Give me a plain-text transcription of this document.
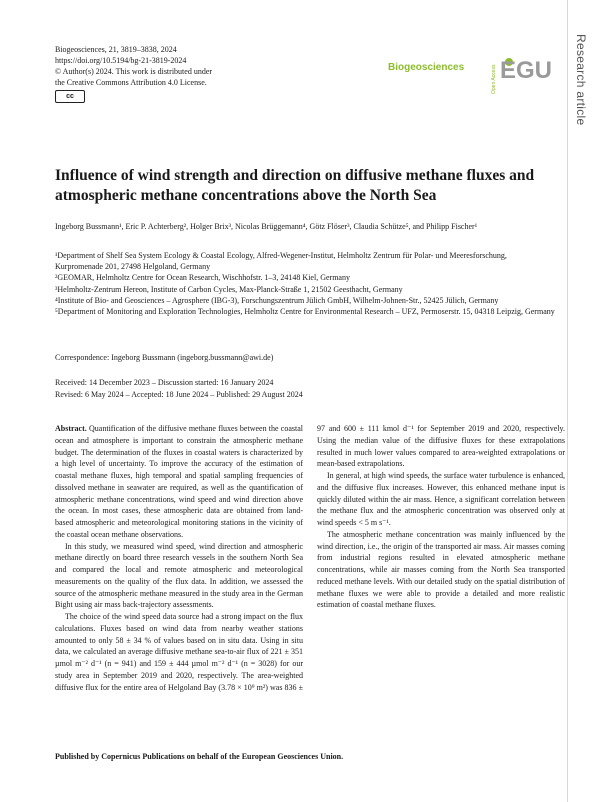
Biogeosciences, 21, 3819–3838, 2024
https://doi.org/10.5194/bg-21-3819-2024
© Author(s) 2024. This work is distributed under
the Creative Commons Attribution 4.0 License.
cc
Biogeosciences	Open Access EGU Research article
Influence of wind strength and direction on diffusive methane fluxes and atmospheric methane concentrations above the North Sea
Ingeborg Bussmann¹, Eric P. Achterberg², Holger Brix³, Nicolas Brüggemann⁴, Götz Flöser³, Claudia Schütze⁵, and Philipp Fischer¹

¹Department of Shelf Sea System Ecology & Coastal Ecology, Alfred-Wegener-Institut, Helmholtz Zentrum für Polar- und Meeresforschung, Kurpromenade 201, 27498 Helgoland, Germany

²GEOMAR, Helmholtz Centre for Ocean Research, Wischhofstr. 1–3, 24148 Kiel, Germany

³Helmholtz-Zentrum Hereon, Institute of Carbon Cycles, Max-Planck-Straße 1, 21502 Geesthacht, Germany

⁴Institute of Bio- and Geosciences – Agrosphere (IBG-3), Forschungszentrum Jülich GmbH, Wilhelm-Johnen-Str., 52425 Jülich, Germany

⁵Department of Monitoring and Exploration Technologies, Helmholtz Centre for Environmental Research – UFZ, Permoserstr. 15, 04318 Leipzig, Germany

Correspondence: Ingeborg Bussmann (ingeborg.bussmann@awi.de)
Received: 14 December 2023 – Discussion started: 16 January 2024
Revised: 6 May 2024 – Accepted: 18 June 2024 – Published: 29 August 2024

Abstract. Quantification of the diffusive methane fluxes between the coastal ocean and atmosphere is important to constrain the atmospheric methane budget. The determination of the fluxes in coastal waters is characterized by a high level of uncertainty. To improve the accuracy of the estimation of coastal methane fluxes, high temporal and spatial sampling frequencies of dissolved methane in seawater are required, as well as the quantification of atmospheric methane concentrations, wind speed and wind direction above the ocean. In most cases, these atmospheric data are obtained from land-based atmospheric and meteorological monitoring stations in the vicinity of the coastal ocean methane observations.

In this study, we measured wind speed, wind direction and atmospheric methane directly on board three research vessels in the southern North Sea and compared the local and remote atmospheric and meteorological measurements on the quality of the flux data. In addition, we assessed the source of the atmospheric methane measured in the study area in the German Bight using air mass back-trajectory assessments.

The choice of the wind speed data source had a strong impact on the flux calculations. Fluxes based on wind data from nearby weather stations amounted to only 58 ± 34 % of values based on in situ data. Using in situ data, we calculated an average diffusive methane sea-to-air flux of 221 ± 351 µmol m⁻² d⁻¹ (n = 941) and 159 ± 444 µmol m⁻² d⁻¹ (n = 3028) for our study area in September 2019 and 2020, respectively. The area-weighted diffusive flux for the entire area of Helgoland Bay (3.78 × 10⁹ m²) was 836 ± 97 and 600 ± 111 kmol d⁻¹ for September 2019 and 2020, respectively. Using the median value of the diffusive fluxes for these extrapolations resulted in much lower values compared to area-weighted extrapolations or mean-based extrapolations.

In general, at high wind speeds, the surface water turbulence is enhanced, and the diffusive flux increases. However, this enhanced methane input is quickly diluted within the air mass. Hence, a significant correlation between the methane flux and the atmospheric concentration was observed only at wind speeds < 5 m s⁻¹.

The atmospheric methane concentration was mainly influenced by the wind direction, i.e., the origin of the transported air mass. Air masses coming from industrial regions resulted in elevated atmospheric methane concentrations, while air masses coming from the North Sea transported reduced methane levels. With our detailed study on the spatial distribution of methane fluxes we were able to provide a detailed and more realistic estimation of coastal methane fluxes.

Published by Copernicus Publications on behalf of the European Geosciences Union.
